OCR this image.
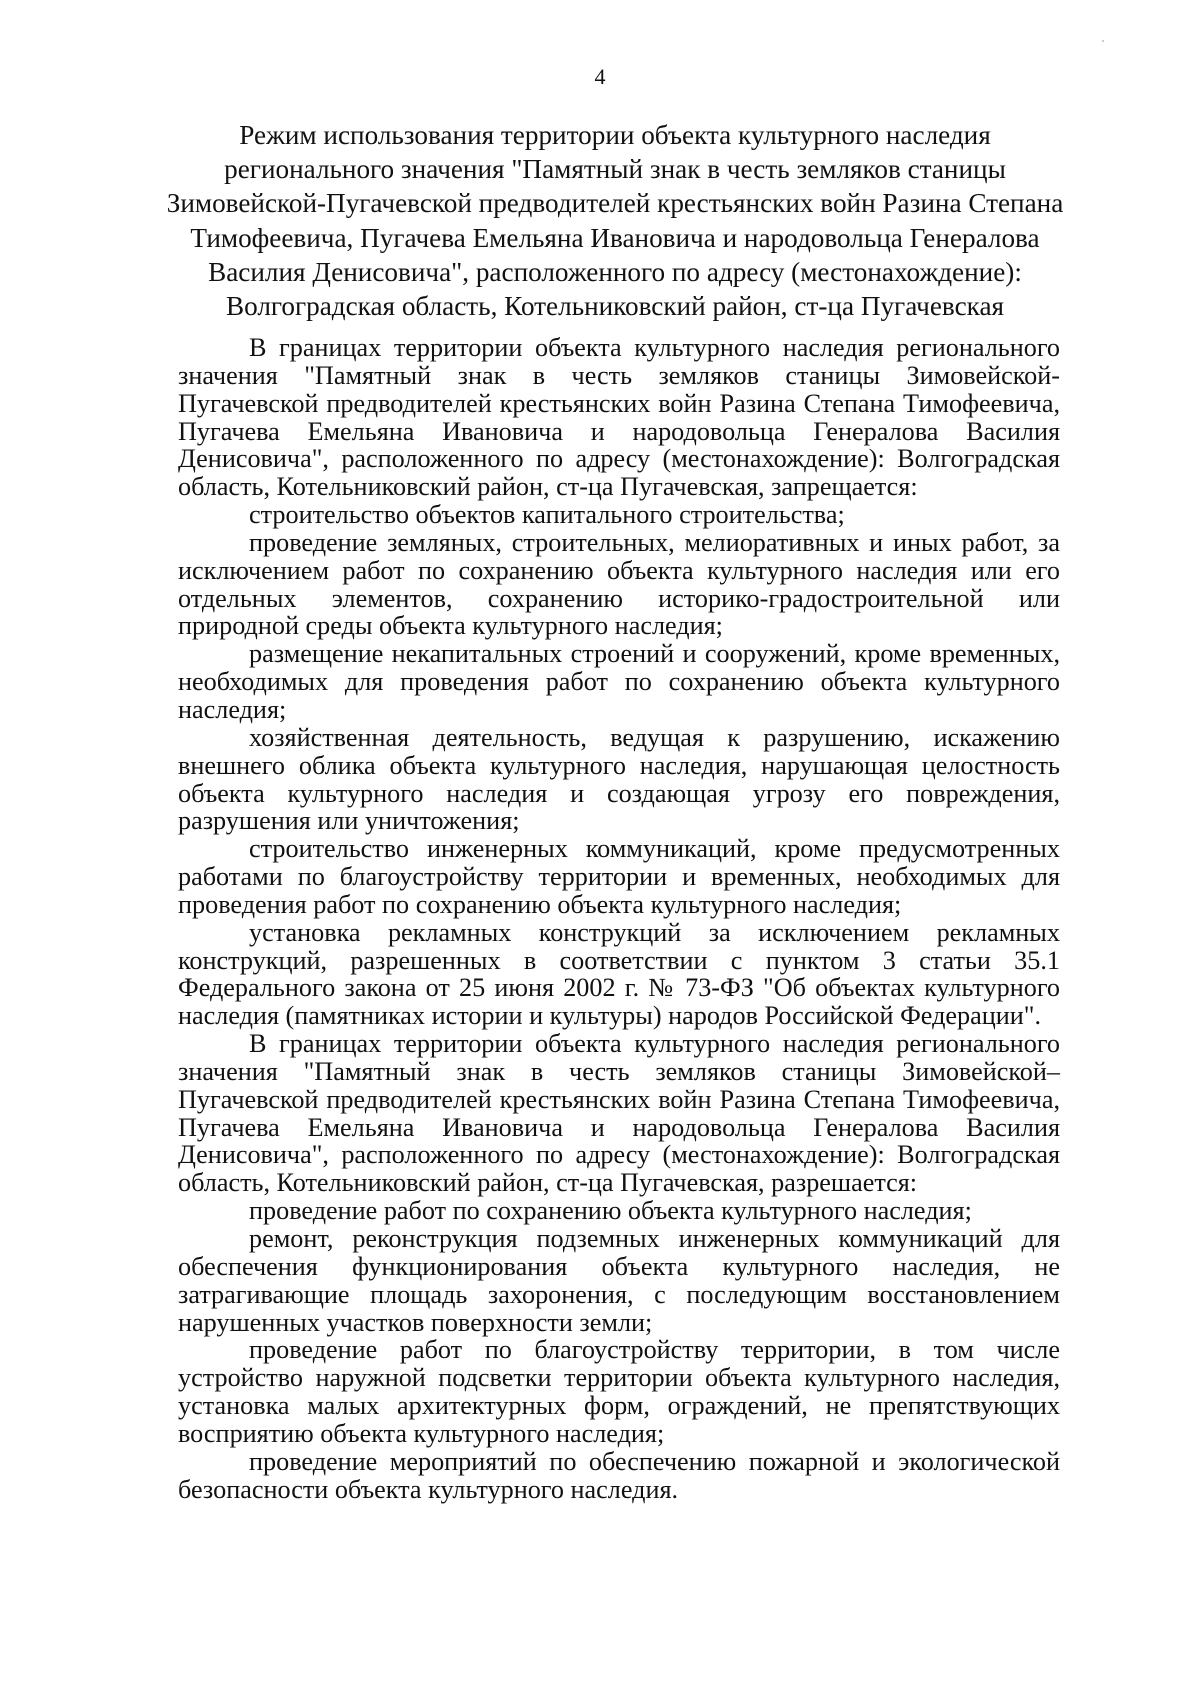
4
Режим использования территории объекта культурного наследия
регионального значения "Памятный знак в честь земляков станицы
Зимовейской-Пугачевской предводителей крестьянских войн Разина Степана
Тимофеевича, Пугачева Емельяна Ивановича и народовольца Генералова
Василия Денисовича", расположенного по адресу (местонахождение):
Волгоградская область, Котельниковский район, ст-ца Пугачевская

В границах территории объекта культурного наследия регионального значения "Памятный знак в честь земляков станицы Зимовейской-Пугачевской предводителей крестьянских войн Разина Степана Тимофеевича, Пугачева Емельяна Ивановича и народовольца Генералова Василия Денисовича", расположенного по адресу (местонахождение): Волгоградская область, Котельниковский район, ст-ца Пугачевская, запрещается:

строительство объектов капитального строительства;

проведение земляных, строительных, мелиоративных и иных работ, за исключением работ по сохранению объекта культурного наследия или его отдельных элементов, сохранению историко-градостроительной или природной среды объекта культурного наследия;

размещение некапитальных строений и сооружений, кроме временных, необходимых для проведения работ по сохранению объекта культурного наследия;

хозяйственная деятельность, ведущая к разрушению, искажению внешнего облика объекта культурного наследия, нарушающая целостность объекта культурного наследия и создающая угрозу его повреждения, разрушения или уничтожения;

строительство инженерных коммуникаций, кроме предусмотренных работами по благоустройству территории и временных, необходимых для проведения работ по сохранению объекта культурного наследия;

установка рекламных конструкций за исключением рекламных конструкций, разрешенных в соответствии с пунктом 3 статьи 35.1 Федерального закона от 25 июня 2002 г. № 73-ФЗ "Об объектах культурного наследия (памятниках истории и культуры) народов Российской Федерации".

В границах территории объекта культурного наследия регионального значения "Памятный знак в честь земляков станицы Зимовейской–Пугачевской предводителей крестьянских войн Разина Степана Тимофеевича, Пугачева Емельяна Ивановича и народовольца Генералова Василия Денисовича", расположенного по адресу (местонахождение): Волгоградская область, Котельниковский район, ст-ца Пугачевская, разрешается:

проведение работ по сохранению объекта культурного наследия;

ремонт, реконструкция подземных инженерных коммуникаций для обеспечения функционирования объекта культурного наследия, не затрагивающие площадь захоронения, с последующим восстановлением нарушенных участков поверхности земли;

проведение работ по благоустройству территории, в том числе устройство наружной подсветки территории объекта культурного наследия, установка малых архитектурных форм, ограждений, не препятствующих восприятию объекта культурного наследия;

проведение мероприятий по обеспечению пожарной и экологической безопасности объекта культурного наследия.
